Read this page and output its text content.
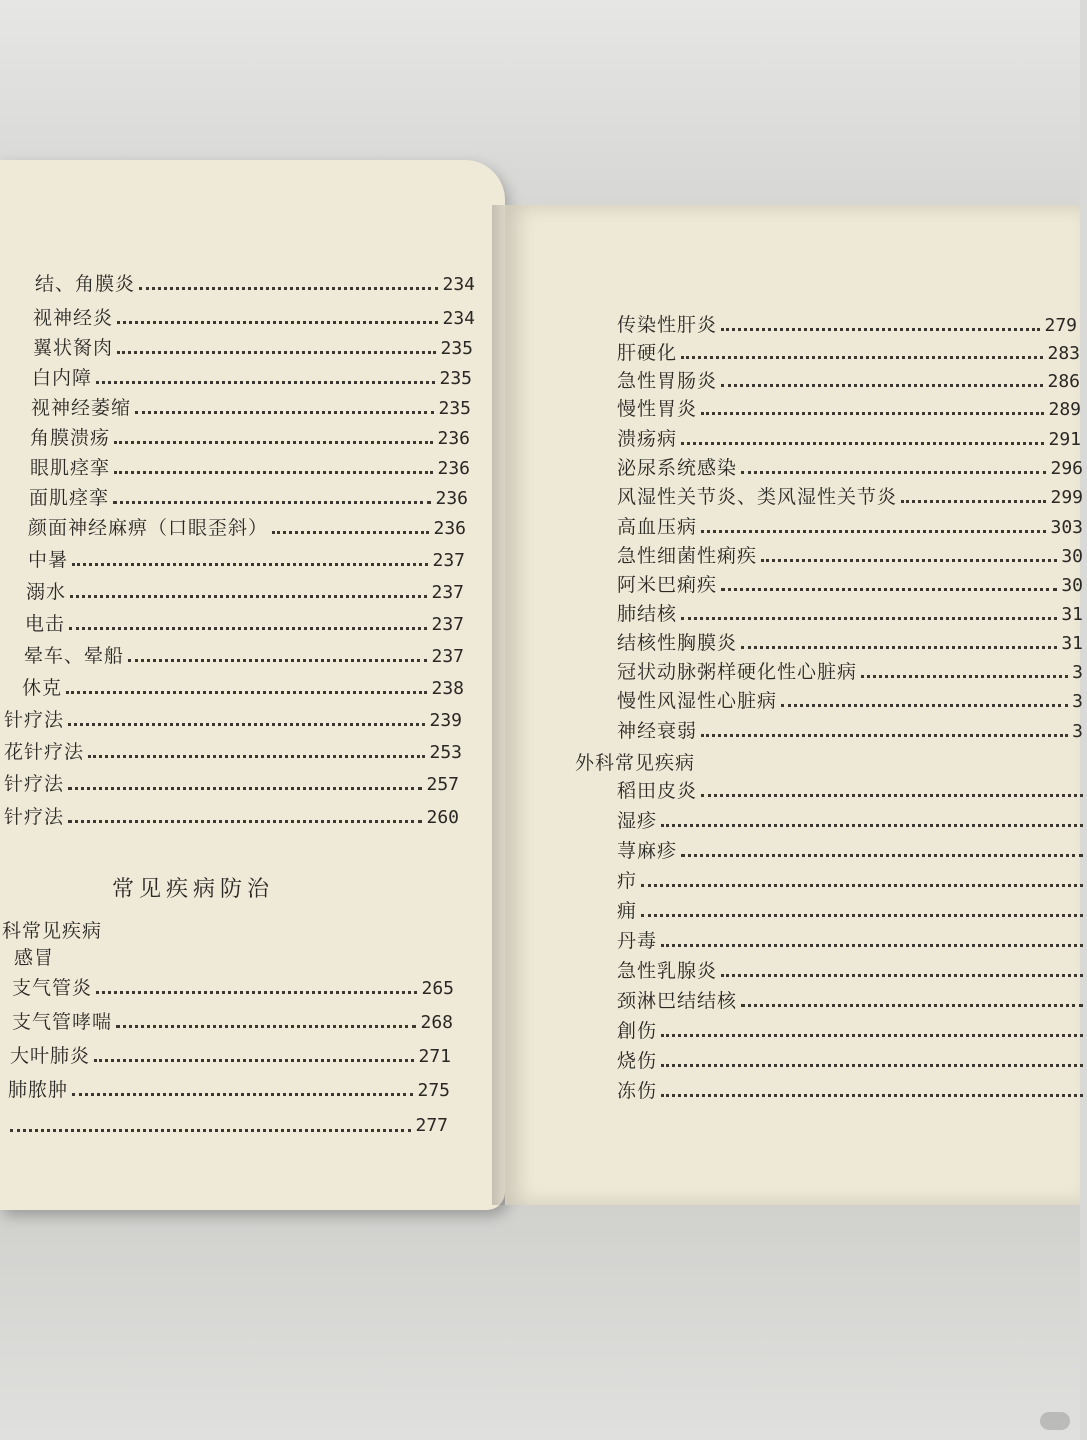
结、角膜炎	234
视神经炎	234
翼状胬肉	235
白内障	235
视神经萎缩	235
角膜溃疡	236
眼肌痉挛	236
面肌痉挛	236
颜面神经麻痹（口眼歪斜）	236
中暑	237
溺水	237
电击	237
晕车、晕船	237
休克	238
针疗法	239
花针疗法	253
针疗法	257
针疗法	260
常见疾病防治
科常见疾病
感冒
支气管炎	265
支气管哮喘	268
大叶肺炎	271
肺脓肿	275
277
传染性肝炎	279
肝硬化	283
急性胃肠炎	286
慢性胃炎	289
溃疡病	291
泌尿系统感染	296
风湿性关节炎、类风湿性关节炎	299
高血压病	303
急性细菌性痢疾	30
阿米巴痢疾	30
肺结核	31
结核性胸膜炎	31
冠状动脉粥样硬化性心脏病	3
慢性风湿性心脏病	3
神经衰弱	3
外科常见疾病
稻田皮炎
湿疹
荨麻疹
疖
痈
丹毒
急性乳腺炎
颈淋巴结结核
創伤
烧伤
冻伤
